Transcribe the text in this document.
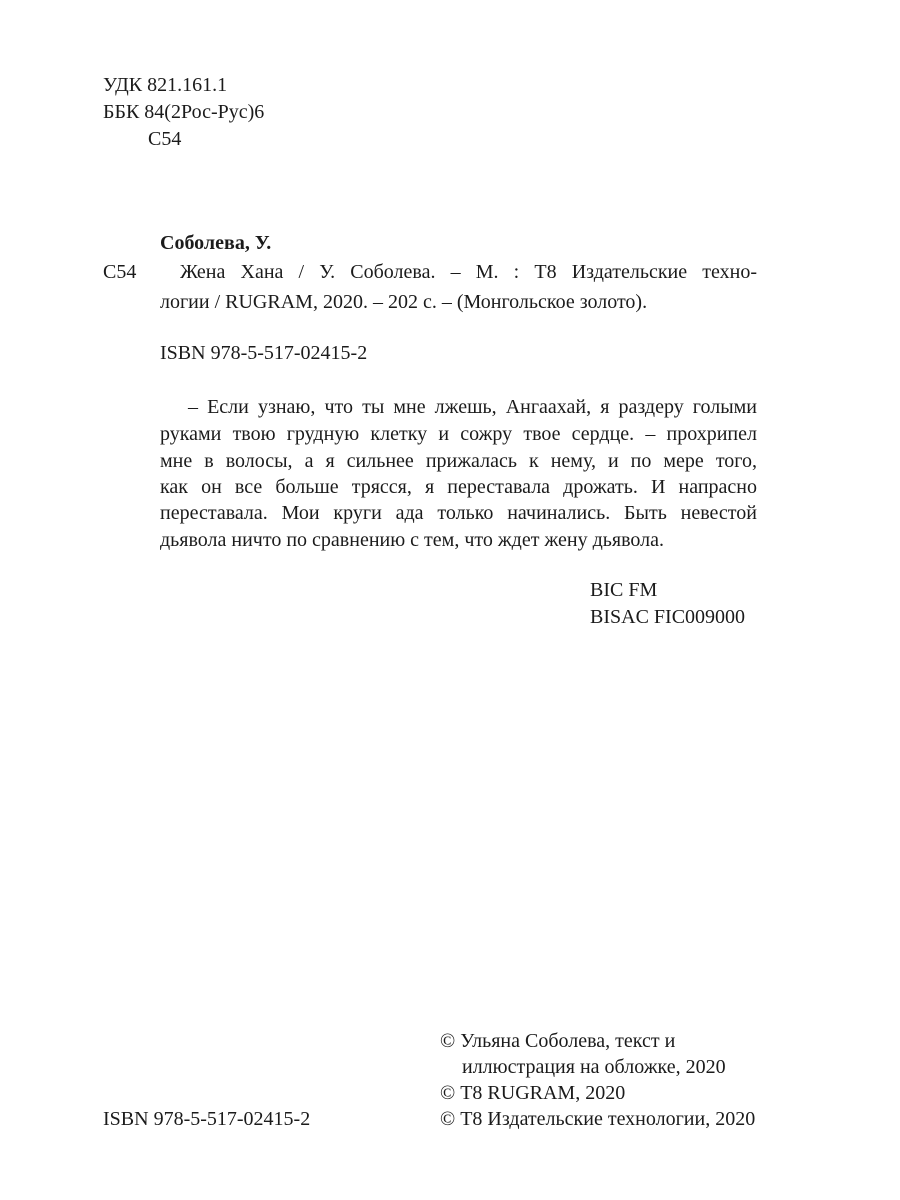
УДК 821.161.1

ББК 84(2Рос-Рус)6

С54

Соболева, У.

С54 Жена Хана / У. Соболева. – М. : Т8 Издательские техно-

логии / RUGRAM, 2020. – 202 с. – (Монгольское золото).

ISBN 978-5-517-02415-2

– Если узнаю, что ты мне лжешь, Ангаахай, я раздеру голыми

руками твою грудную клетку и сожру твое сердце. – прохрипел

мне в волосы, а я сильнее прижалась к нему, и по мере того,

как он все больше трясся, я переставала дрожать. И напрасно

переставала. Мои круги ада только начинались. Быть невестой

дьявола ничто по сравнению с тем, что ждет жену дьявола.

BIC FM

BISAC FIC009000

ISBN 978-5-517-02415-2

© Ульяна Соболева, текст и

иллюстрация на обложке, 2020

© Т8 RUGRAM, 2020

© Т8 Издательские технологии, 2020
